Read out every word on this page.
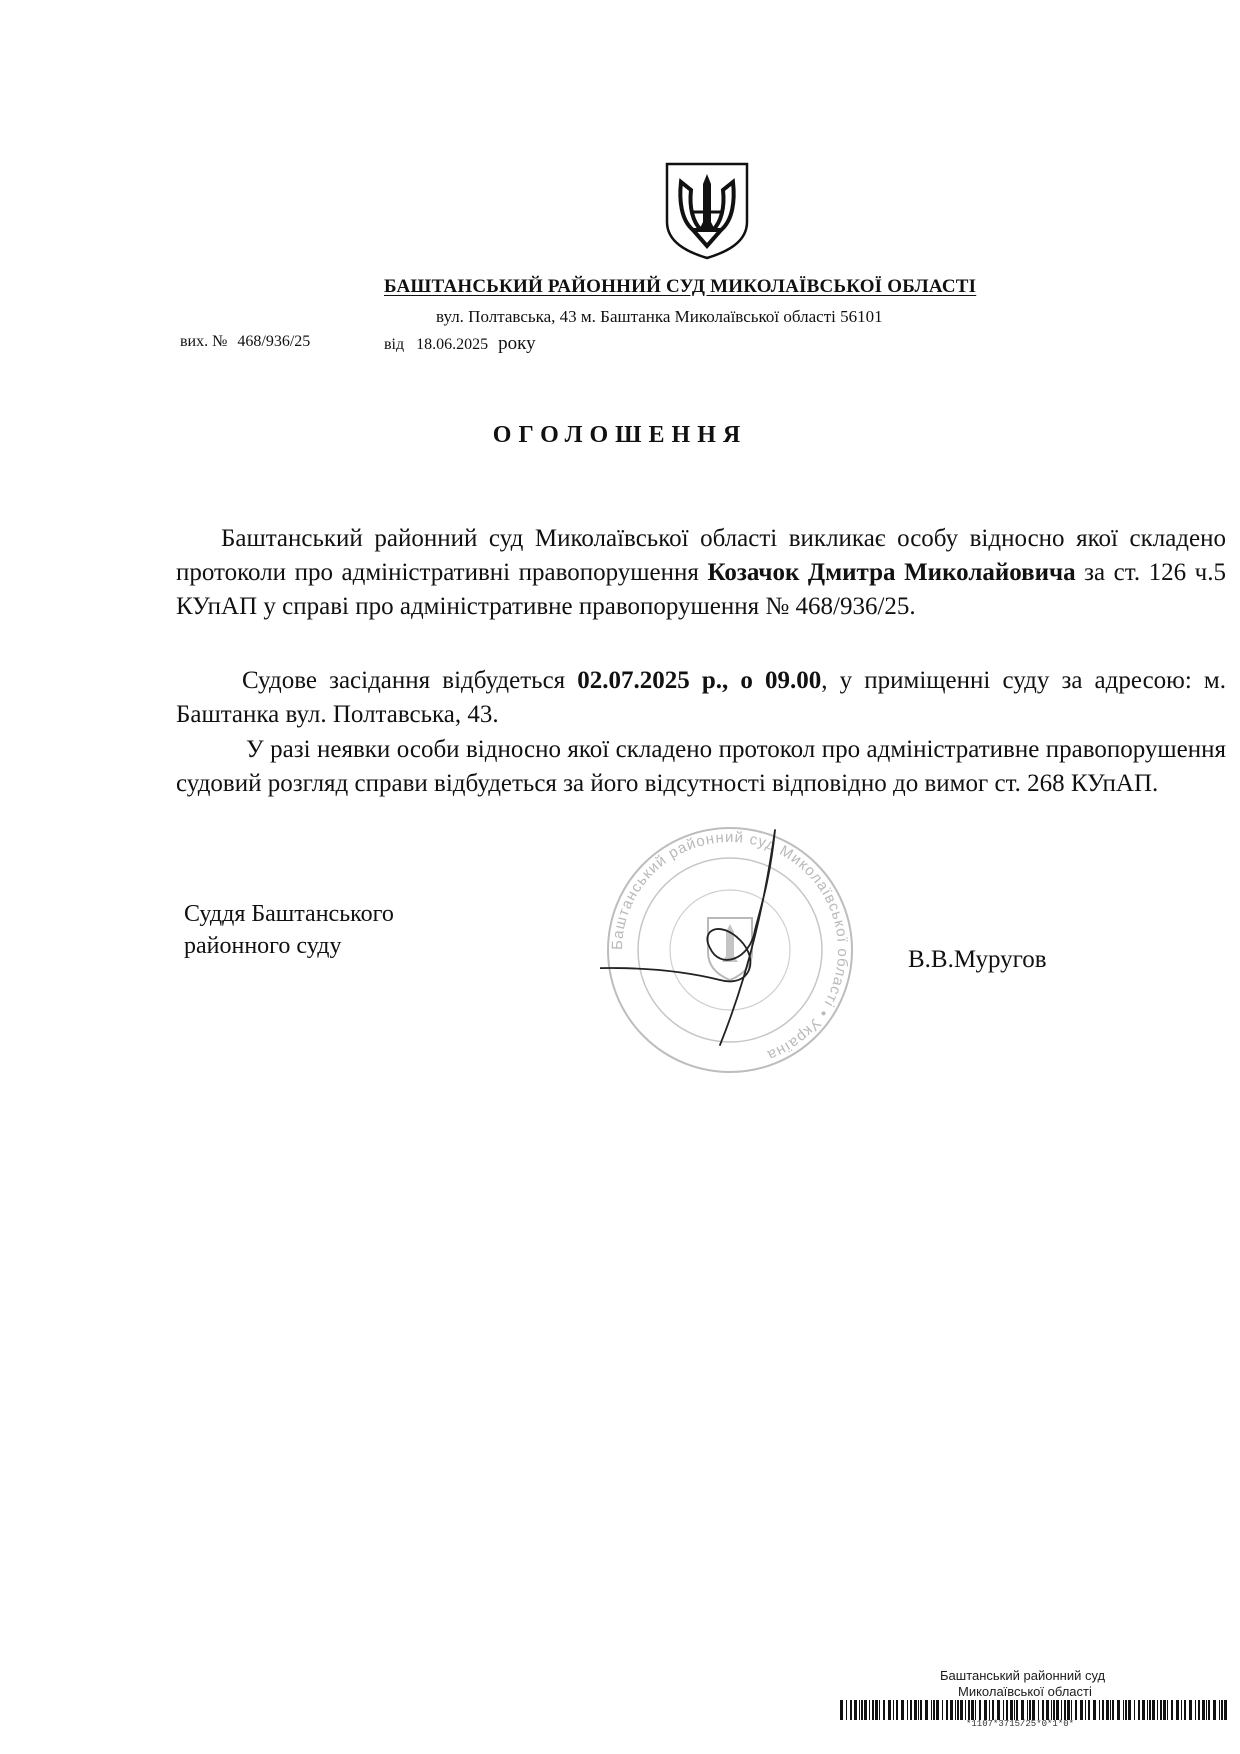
БАШТАНСЬКИЙ РАЙОННИЙ СУД МИКОЛАЇВСЬКОЇ ОБЛАСТІ
вул. Полтавська, 43 м. Баштанка Миколаївської області 56101
вих. № 468/936/25	від 18.06.2025 року
ОГОЛОШЕННЯ
Баштанський районний суд Миколаївської області викликає особу відносно якої складено протоколи про адміністративні правопорушення Козачок Дмитра Миколайовича за ст. 126 ч.5 КУпАП у справі про адміністративне правопорушення № 468/936/25.
Судове засідання відбудеться 02.07.2025 р., о 09.00, у приміщенні суду за адресою: м. Баштанка вул. Полтавська, 43.
У разі неявки особи відносно якої складено протокол про адміністративне правопорушення судовий розгляд справи відбудеться за його відсутності відповідно до вимог ст. 268 КУпАП.
Суддя Баштанського
районного суду	Баштанський районний суд Миколаївської області • Україна
В.В.Муругов
Баштанський районний суд
Миколаївської області
*1107*3715/25*0*1*0*
